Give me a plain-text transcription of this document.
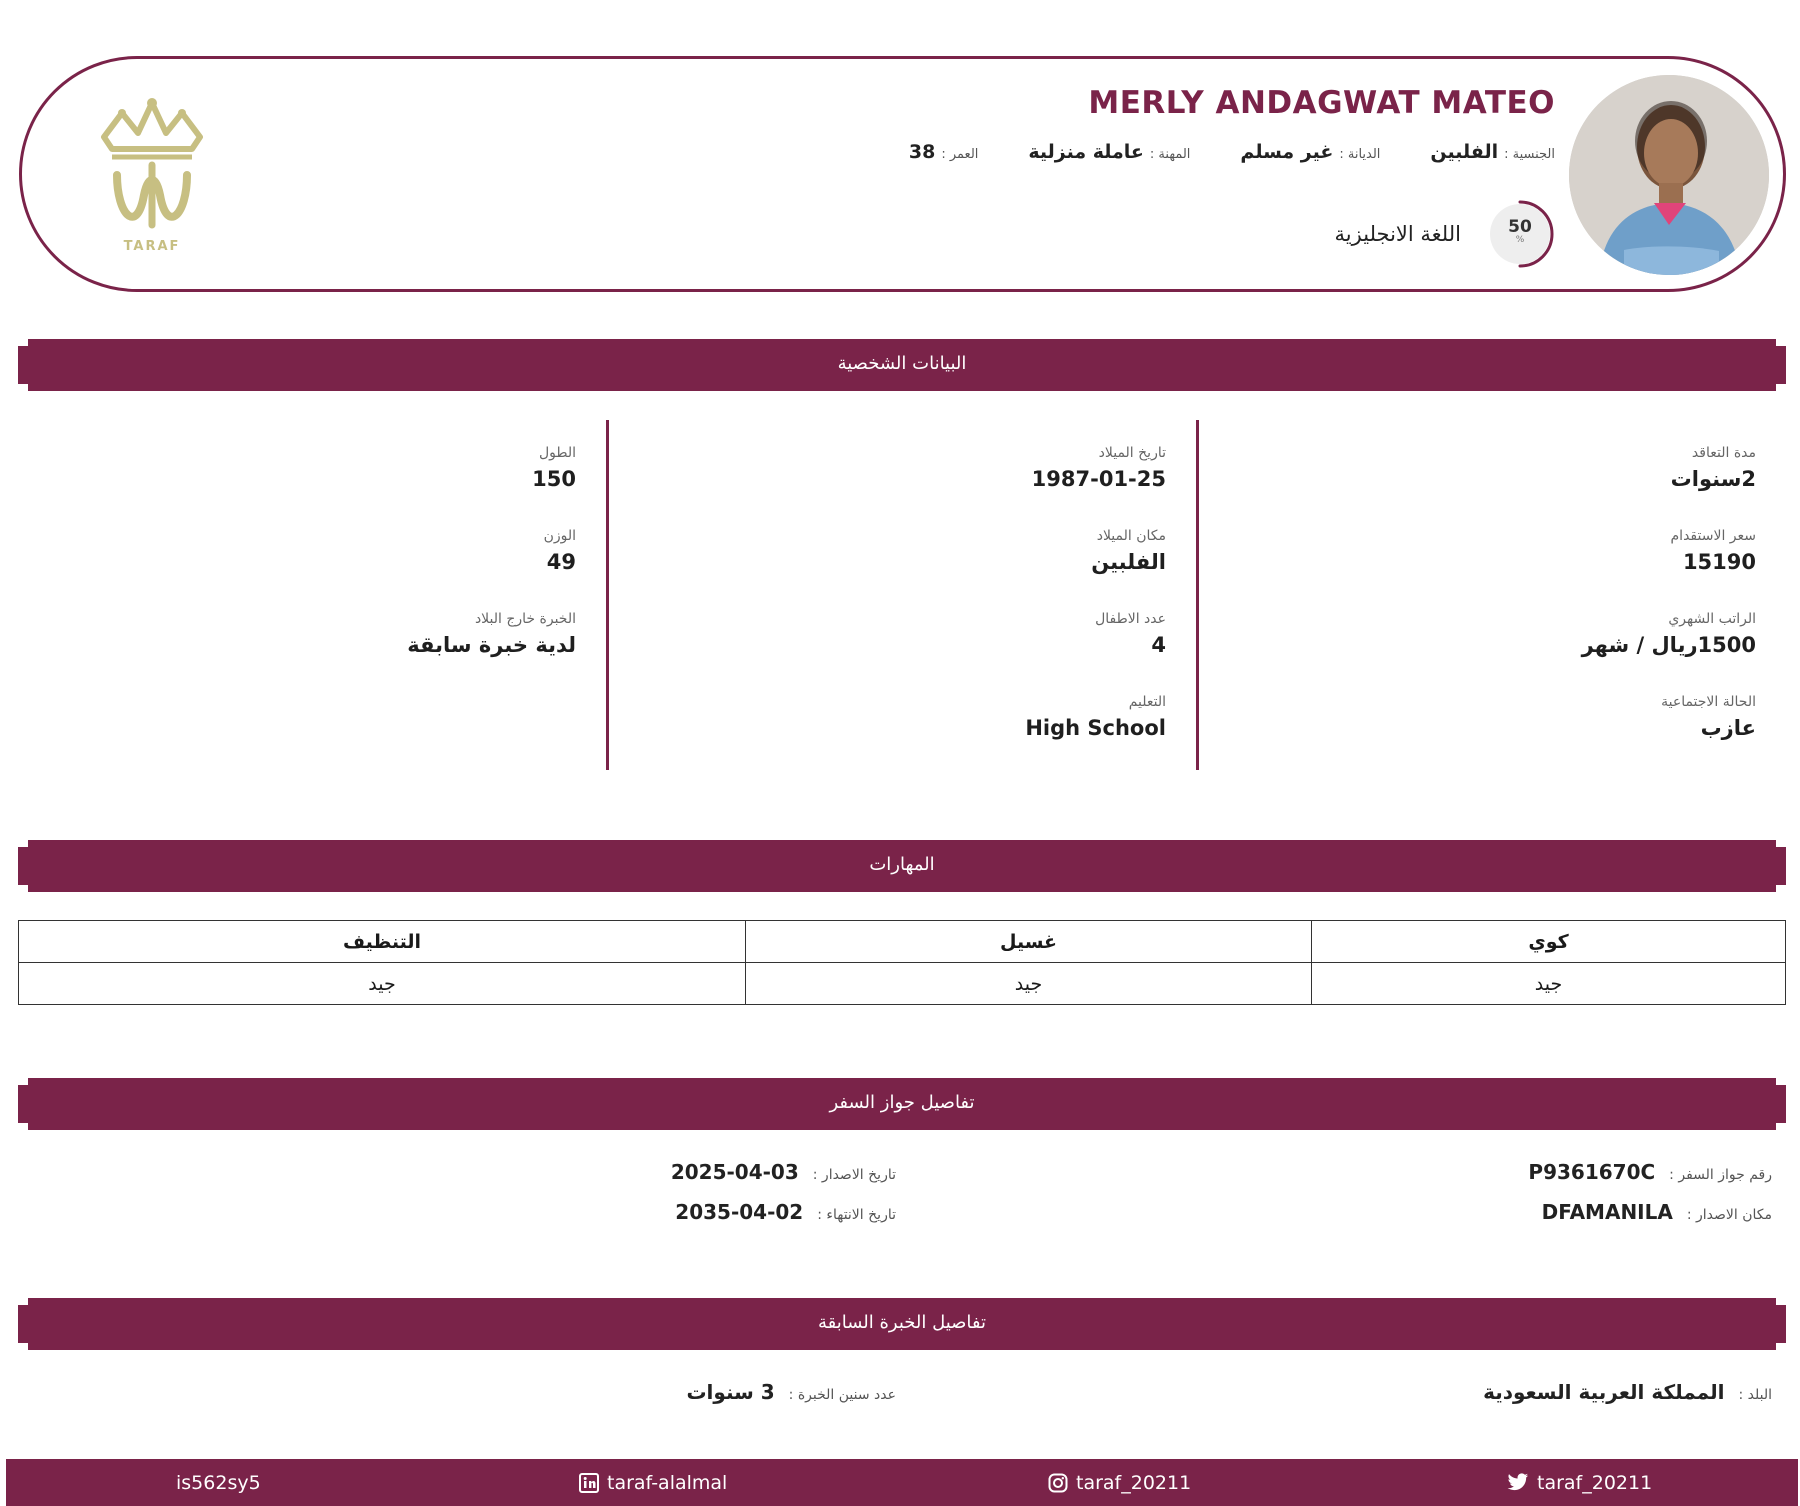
TARAF
MERLY ANDAGWAT MATEO
الجنسية :
الفلبين
الديانة :
غير مسلم
المهنة :
عاملة منزلية
العمر :
38
50
%
اللغة الانجليزية
البيانات الشخصية
مدة التعاقد
2سنوات
سعر الاستقدام
15190
الراتب الشهري
1500ريال / شهر
الحالة الاجتماعية
عازب
تاريخ الميلاد
1987-01-25
مكان الميلاد
الفلبين
عدد الاطفال
4
التعليم
High School
الطول
150
الوزن
49
الخبرة خارج البلاد
لدية خبرة سابقة
المهارات
كوي	غسيل	التنظيف
جيد	جيد	جيد
تفاصيل جواز السفر
رقم جواز السفر :
P9361670C
مكان الاصدار :
DFAMANILA
تاريخ الاصدار :
2025-04-03
تاريخ الانتهاء :
2035-04-02
تفاصيل الخبرة السابقة
البلد :
المملكة العربية السعودية
عدد سنين الخبرة :
3 سنوات
is562sy5	taraf-alalmal	taraf_20211	taraf_20211
